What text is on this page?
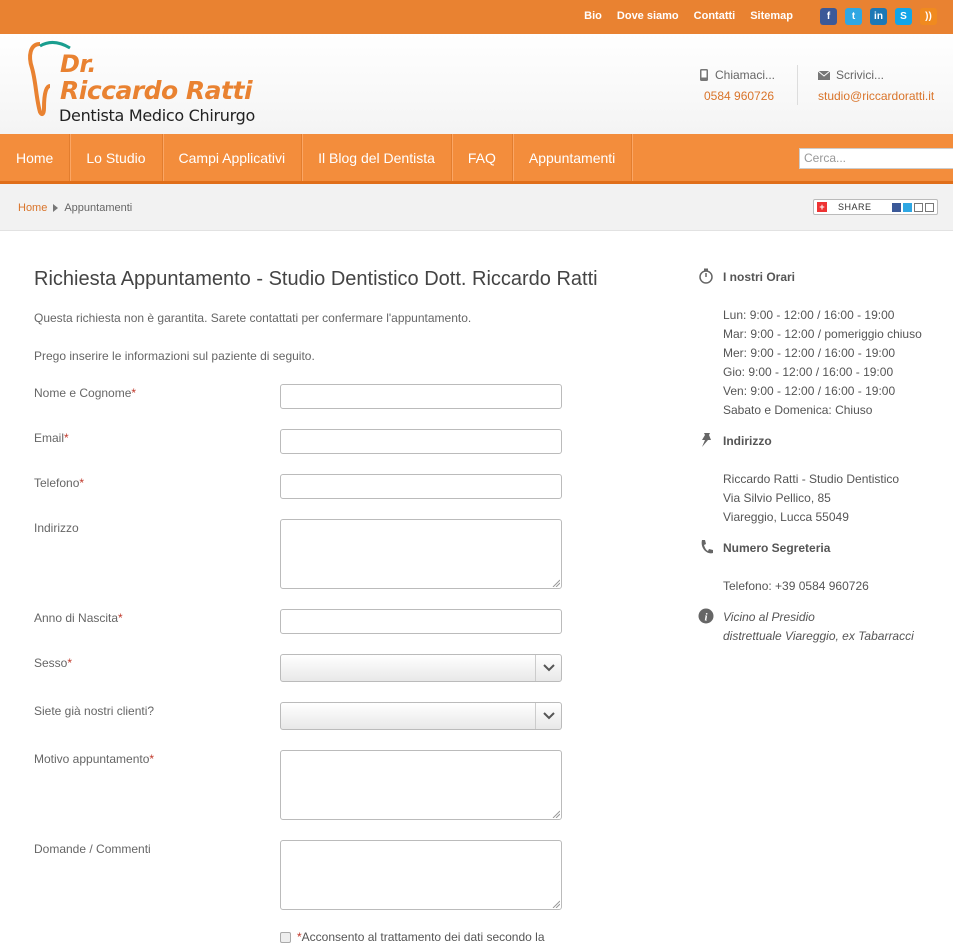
Bio Dove siamo Contatti Sitemap	f	t	in	S	))
Dr.
Riccardo Ratti
Dentista Medico Chirurgo
Chiamaci...
0584 960726
Scrivici...
studio@riccardoratti.it
Home	Lo Studio	Campi Applicativi	Il Blog del Dentista	FAQ	Appuntamenti	Cerca...
Home Appuntamenti	+ SHARE
Richiesta Appuntamento - Studio Dentistico Dott. Riccardo Ratti

Questa richiesta non è garantita. Sarete contattati per confermare l'appuntamento.

Prego inserire le informazioni sul paziente di seguito.

Nome e Cognome*
Email*
Telefono*
Indirizzo
Anno di Nascita*
Sesso*
Siete già nostri clienti?
Motivo appuntamento*
Domande / Commenti
*Acconsento al trattamento dei dati secondo la
I nostri Orari
Lun: 9:00 - 12:00 / 16:00 - 19:00
Mar: 9:00 - 12:00 / pomeriggio chiuso
Mer: 9:00 - 12:00 / 16:00 - 19:00
Gio: 9:00 - 12:00 / 16:00 - 19:00
Ven: 9:00 - 12:00 / 16:00 - 19:00
Sabato e Domenica: Chiuso
Indirizzo
Riccardo Ratti - Studio Dentistico
Via Silvio Pellico, 85
Viareggio, Lucca 55049
Numero Segreteria
Telefono: +39 0584 960726
i Vicino al Presidio
distrettuale Viareggio, ex Tabarracci
